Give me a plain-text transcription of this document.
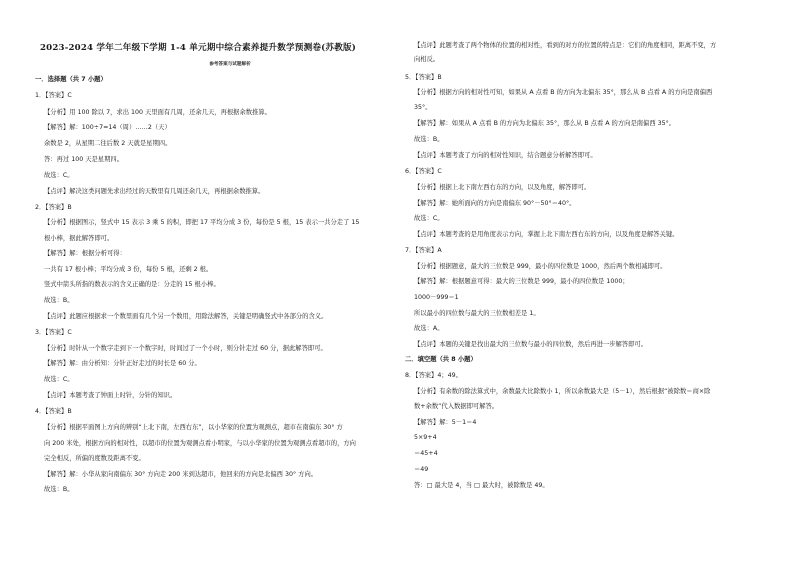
2023-2024 学年二年级下学期 1-4 单元期中综合素养提升数学预测卷(苏教版)
参考答案与试题解析
一．选择题（共 7 小题）
1．【答案】C
【分析】用 100 除以 7，求出 100 天里面有几周，还余几天，再根据余数推算。
【解答】解：100÷7=14（周）……2（天）
余数是 2，从星期二往后数 2 天就是星期四。
答：再过 100 天是星期四。
故选：C。
【点评】解决这类问题先求出经过的天数里有几周还余几天，再根据余数推算。
2．【答案】B
【分析】根据图示，竖式中 15 表示 3 乘 5 的积，即把 17 平均分成 3 份，每份是 5 根，15 表示一共分走了 15
根小棒，据此解答即可。
【解答】解：根据分析可得：
一共有 17 根小棒；平均分成 3 份，每份 5 根，还剩 2 根。
竖式中箭头所指的数表示的含义正确的是：分走的 15 根小棒。
故选：B。
【点评】此题应根据求一个数里面有几个另一个数用，用除法解答，关键是明确竖式中各部分的含义。
3．【答案】C
【分析】时针从一个数字走到下一个数字时，时间过了一个小时，则分针走过 60 分，据此解答即可。
【解答】解：由分析知：分针正好走过的时长是 60 分。
故选：C。
【点评】本题考查了钟面上时针，分针的知识。
4．【答案】B
【分析】根据平面图上方向的辨别“上北下南，左西右东”，以小华家的位置为观测点，超市在南偏东 30° 方
向 200 米处，根据方向的相对性，以超市的位置为观测点看小明家，与以小华家的位置为观测点看超市的，方向
完全相反，所偏的度数及距离不变。
【解答】解：小华从家向南偏东 30° 方向走 200 米到达超市，他回来的方向是北偏西 30° 方向。
故选：B。
【点评】此题考查了两个物体的位置的相对性，看到的对方的位置的特点是：它们的角度相同，距离不变，方
向相反。
5．【答案】B
【分析】根据方向的相对性可知，如果从 A 点看 B 的方向为北偏东 35°，那么从 B 点看 A 的方向是南偏西
35°。
【解答】解：如果从 A 点看 B 的方向为北偏东 35°，那么从 B 点看 A 的方向是南偏西 35°。
故选：B。
【点评】本题考查了方向的相对性知识，结合题意分析解答即可。
6．【答案】C
【分析】根据上北下南左西右东的方向，以及角度，解答即可。
【解答】解：她所面向的方向是南偏东 90°－50°＝40°。
故选：C。
【点评】本题考查的是用角度表示方向，掌握上北下南左西右东的方向，以及角度是解答关键。
7．【答案】A
【分析】根据题意，最大的三位数是 999，最小的四位数是 1000，然后两个数相减即可。
【解答】解：根据题意可得：最大的三位数是 999，最小的四位数是 1000；
1000－999＝1
所以最小的四位数与最大的三位数相差是 1。
故选：A。
【点评】本题的关键是找出最大的三位数与最小的四位数，然后再进一步解答即可。
二．填空题（共 8 小题）
8．【答案】4；49。
【分析】有余数的除法算式中，余数最大比除数小 1，所以余数最大是（5－1），然后根据“被除数＝商×除
数+余数”代入数据即可解答。
【解答】解：5－1＝4
5×9+4
＝45+4
＝49
答：□ 最大是 4，当 □ 最大时，被除数是 49。
